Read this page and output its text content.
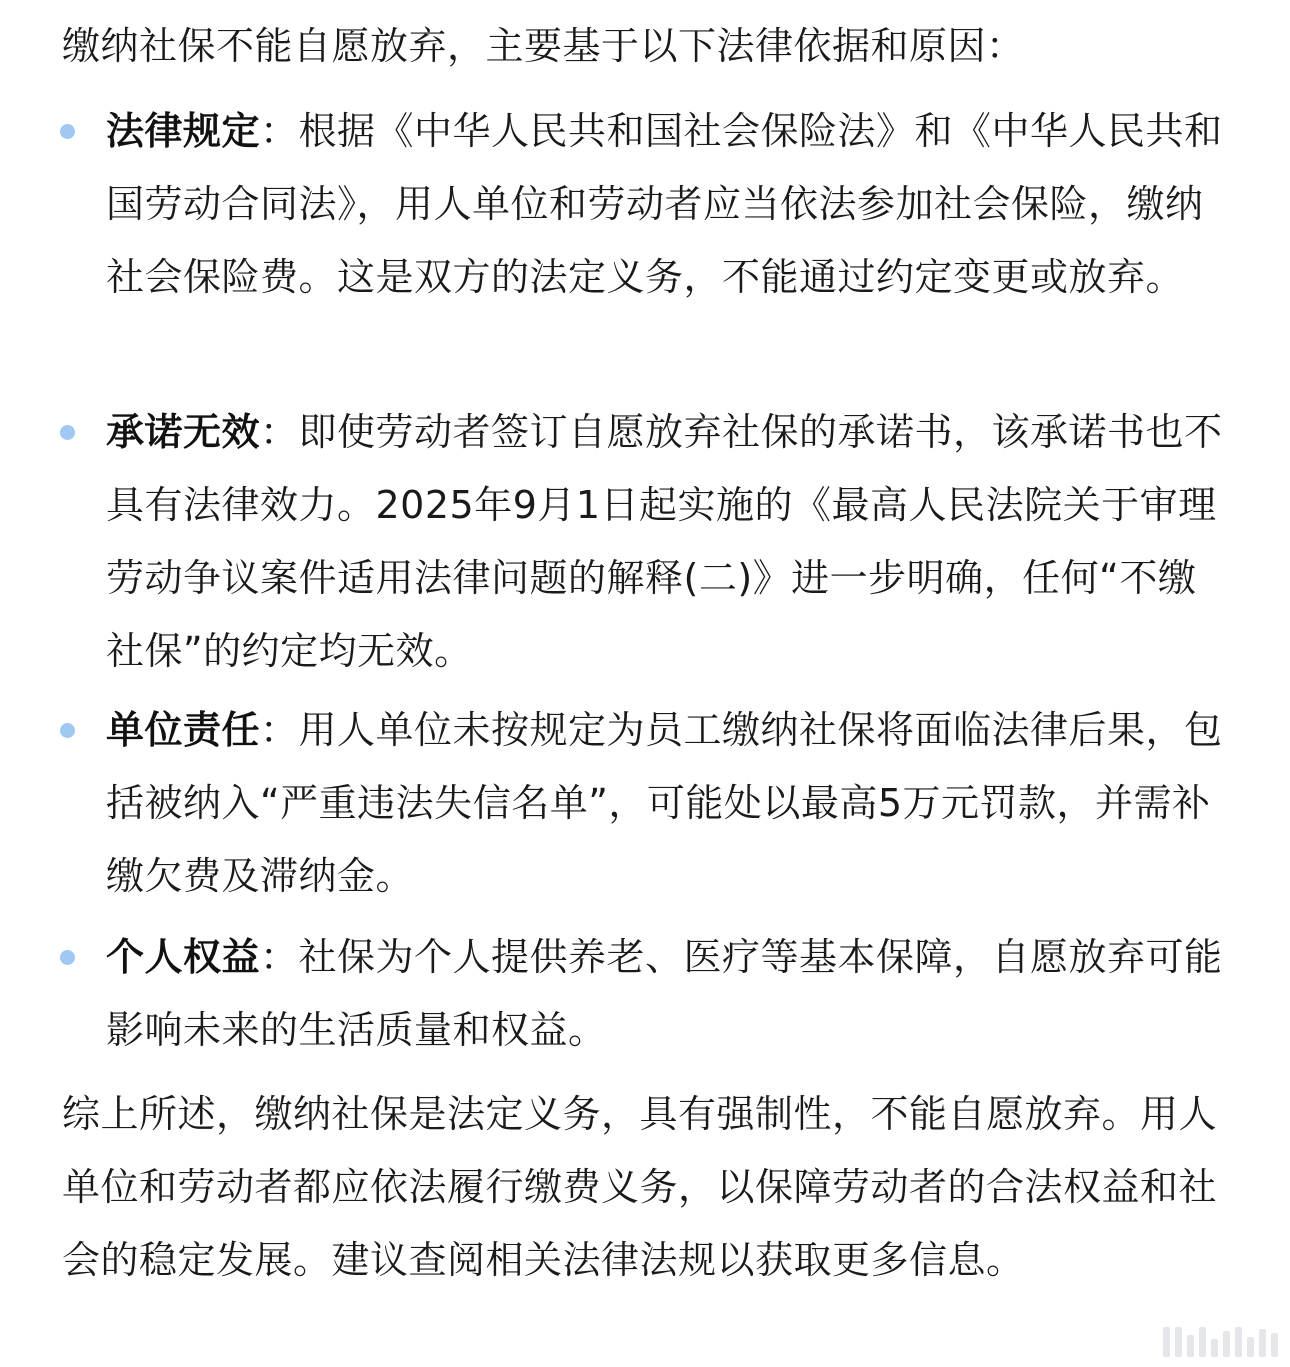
缴纳社保不能自愿放弃，主要基于以下法律依据和原因：

法律规定：根据《中华人民共和国社会保险法》和《中华人民共和国劳动合同法》，用人单位和劳动者应当依法参加社会保险，缴纳社会保险费。这是双方的法定义务，不能通过约定变更或放弃。
承诺无效：即使劳动者签订自愿放弃社保的承诺书，该承诺书也不具有法律效力。2025年9月1日起实施的《最高人民法院关于审理劳动争议案件适用法律问题的解释(二)》进一步明确，任何“不缴社保”的约定均无效。
单位责任：用人单位未按规定为员工缴纳社保将面临法律后果，包括被纳入“严重违法失信名单”，可能处以最高5万元罚款，并需补缴欠费及滞纳金。
个人权益：社保为个人提供养老、医疗等基本保障，自愿放弃可能影响未来的生活质量和权益。

综上所述，缴纳社保是法定义务，具有强制性，不能自愿放弃。用人单位和劳动者都应依法履行缴费义务，以保障劳动者的合法权益和社会的稳定发展。建议查阅相关法律法规以获取更多信息。
